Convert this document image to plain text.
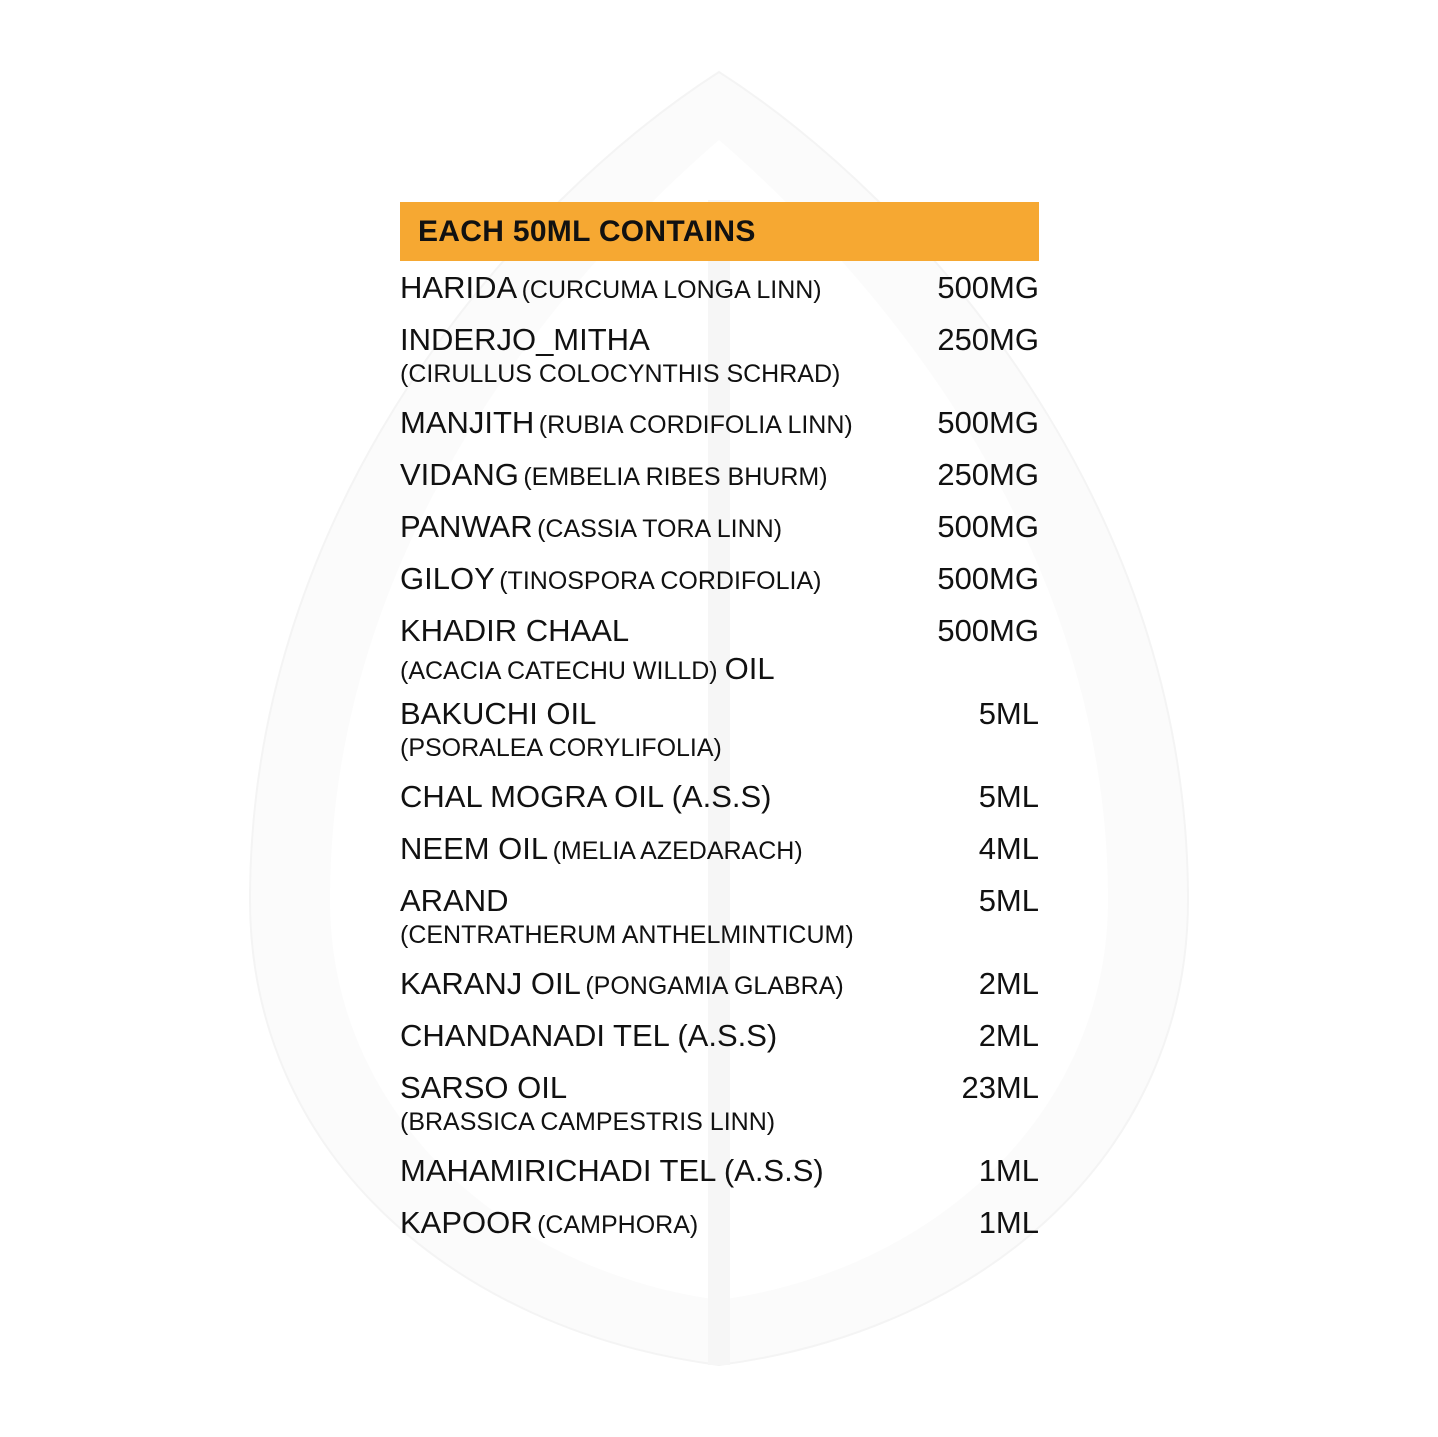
EACH 50ML CONTAINS
HARIDA (CURCUMA LONGA LINN)	500MG
INDERJO_MITHA	250MG
(CIRULLUS COLOCYNTHIS SCHRAD)
MANJITH (RUBIA CORDIFOLIA LINN)	500MG
VIDANG (EMBELIA RIBES BHURM)	250MG
PANWAR (CASSIA TORA LINN)	500MG
GILOY (TINOSPORA CORDIFOLIA)	500MG
KHADIR CHAAL	500MG
(ACACIA CATECHU WILLD) OIL
BAKUCHI OIL	5ML
(PSORALEA CORYLIFOLIA)
CHAL MOGRA OIL (A.S.S)	5ML
NEEM OIL (MELIA AZEDARACH)	4ML
ARAND	5ML
(CENTRATHERUM ANTHELMINTICUM)
KARANJ OIL (PONGAMIA GLABRA)	2ML
CHANDANADI TEL (A.S.S)	2ML
SARSO OIL	23ML
(BRASSICA CAMPESTRIS LINN)
MAHAMIRICHADI TEL (A.S.S)	1ML
KAPOOR (CAMPHORA)	1ML
